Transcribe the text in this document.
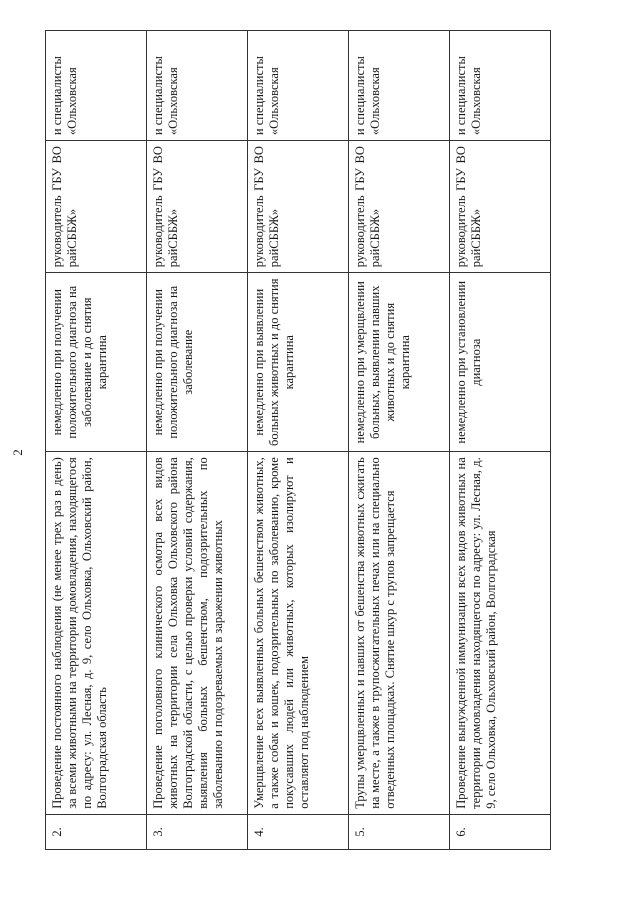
2
2.	Проведение постоянного наблюдения (не менее трех раз в день) за всеми животными на территории домовладения, находящегося по адресу: ул. Лесная, д. 9, село Ольховка, Ольховский район, Волгоградская область	немедленно при получении положительного диагноза на заболевание и до снятия карантина	руководитель ГБУ ВО райСББЖ»	и специалисты «Ольховская
3.	Проведение поголовного клинического осмотра всех видов животных на территории села Ольховка Ольховского района Волгоградской области, с целью проверки условий содержания, выявления больных бешенством, подозрительных по заболеванию и подозреваемых в заражении животных	немедленно при получении положительного диагноза на заболевание	руководитель ГБУ ВО райСББЖ»	и специалисты «Ольховская
4.	Умерщвление всех выявленных больных бешенством животных, а также собак и кошек, подозрительных по заболеванию, кроме покусавших людей или животных, которых изолируют и оставляют под наблюдением	немедленно при выявлении больных животных и до снятия карантина	руководитель ГБУ ВО райСББЖ»	и специалисты «Ольховская
5.	Трупы умерщвленных и павших от бешенства животных сжигать на месте, а также в трупосжигательных печах или на специально отведенных площадках. Снятие шкур с трупов запрещается	немедленно при умерщвлении больных, выявлении павших животных и до снятия карантина	руководитель ГБУ ВО райСББЖ»	и специалисты «Ольховская
6.	Проведение вынужденной иммунизации всех видов животных на территории домовладения находящегося по адресу: ул. Лесная, д. 9, село Ольховка, Ольховский район, Волгоградская	немедленно при установлении диагноза	руководитель ГБУ ВО райСББЖ»	и специалисты «Ольховская
